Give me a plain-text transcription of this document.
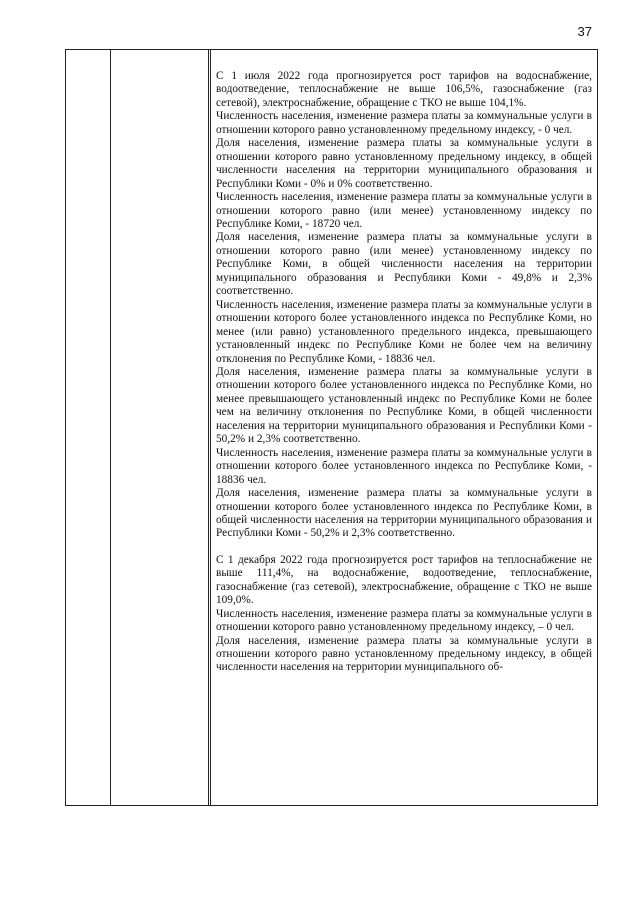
37

С 1 июля 2022 года прогнозируется рост тарифов на водоснабжение, водоотведение, теплоснабжение не выше 106,5%, газоснабжение (газ сетевой), электроснабжение, обращение с ТКО не выше 104,1%.

Численность населения, изменение размера платы за коммунальные услуги в отношении которого равно установленному предельному индексу, - 0 чел.

Доля населения, изменение размера платы за коммунальные услуги в отношении которого равно установленному предельному индексу, в общей численности населения на территории муниципального образования и Республики Коми - 0% и 0% соответственно.

Численность населения, изменение размера платы за коммунальные услуги в отношении которого равно (или менее) установленному индексу по Республике Коми, - 18720 чел.

Доля населения, изменение размера платы за коммунальные услуги в отношении которого равно (или менее) установленному индексу по Республике Коми, в общей численности населения на территории муниципального образования и Республики Коми - 49,8% и 2,3% соответственно.

Численность населения, изменение размера платы за коммунальные услуги в отношении которого более установленного индекса по Республике Коми, но менее (или равно) установленного предельного индекса, превышающего установленный индекс по Республике Коми не более чем на величину отклонения по Республике Коми, - 18836 чел.

Доля населения, изменение размера платы за коммунальные услуги в отношении которого более установленного индекса по Республике Коми, но менее превышающего установленный индекс по Республике Коми не более чем на величину отклонения по Республике Коми, в общей численности населения на территории муниципального образования и Республики Коми - 50,2% и 2,3% соответственно.

Численность населения, изменение размера платы за коммунальные услуги в отношении которого более установленного индекса по Республике Коми, - 18836 чел.

Доля населения, изменение размера платы за коммунальные услуги в отношении которого более установленного индекса по Республике Коми, в общей численности населения на территории муниципального образования и Республики Коми - 50,2% и 2,3% соответственно.

С 1 декабря 2022 года прогнозируется рост тарифов на теплоснабжение не выше 111,4%, на водоснабжение, водоотведение, теплоснабжение, газоснабжение (газ сетевой), электроснабжение, обращение с ТКО не выше 109,0%.

Численность населения, изменение размера платы за коммунальные услуги в отношении которого равно установленному предельному индексу, – 0 чел.

Доля населения, изменение размера платы за коммунальные услуги в отношении которого равно установленному предельному индексу, в общей численности населения на территории муниципального об-
